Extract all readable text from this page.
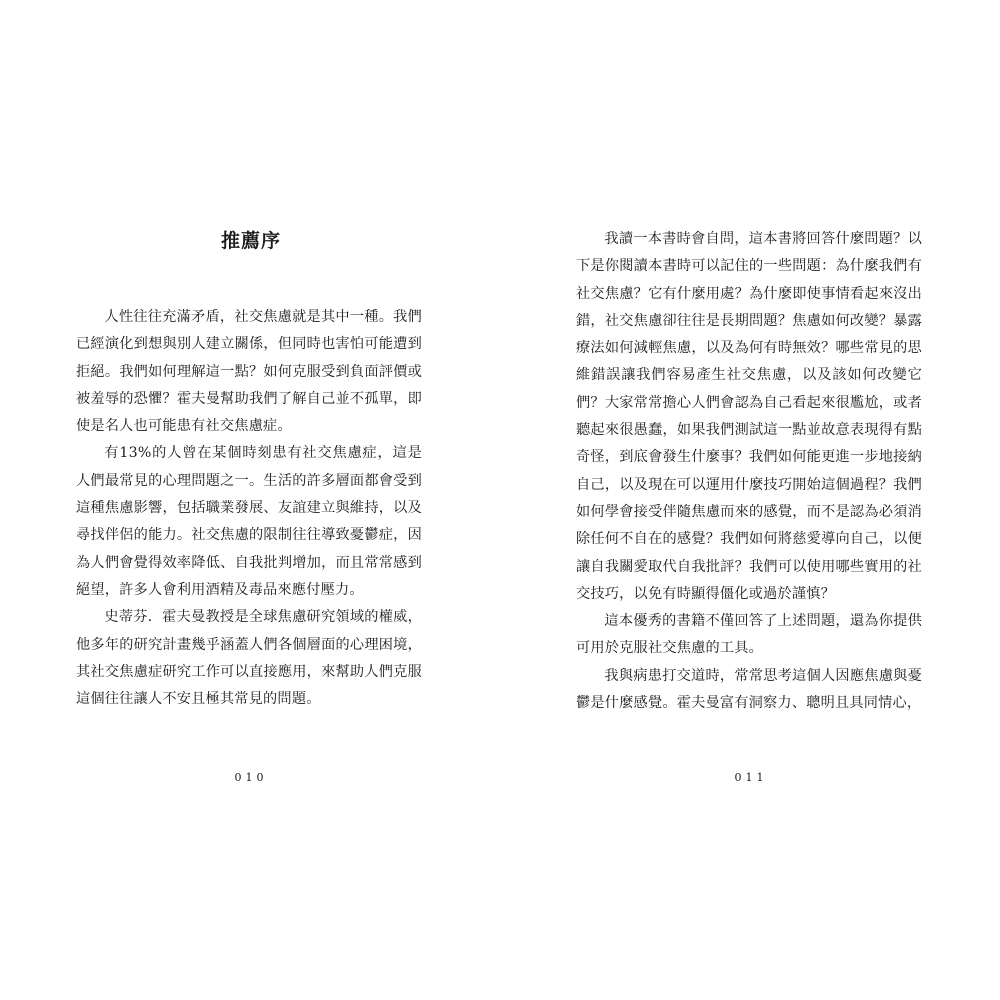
推薦序

人性往往充滿矛盾，社交焦慮就是其中一種。我們已經演化到想與別人建立關係，但同時也害怕可能遭到拒絕。我們如何理解這一點？如何克服受到負面評價或被羞辱的恐懼？霍夫曼幫助我們了解自己並不孤單，即使是名人也可能患有社交焦慮症。

有13%的人曾在某個時刻患有社交焦慮症，這是人們最常見的心理問題之一。生活的許多層面都會受到這種焦慮影響，包括職業發展、友誼建立與維持，以及尋找伴侶的能力。社交焦慮的限制往往導致憂鬱症，因為人們會覺得效率降低、自我批判增加，而且常常感到絕望，許多人會利用酒精及毒品來應付壓力。

史蒂芬．霍夫曼教授是全球焦慮研究領域的權威，他多年的研究計畫幾乎涵蓋人們各個層面的心理困境，其社交焦慮症研究工作可以直接應用，來幫助人們克服這個往往讓人不安且極其常見的問題。

010

我讀一本書時會自問，這本書將回答什麼問題？以下是你閱讀本書時可以記住的一些問題：為什麼我們有社交焦慮？它有什麼用處？為什麼即使事情看起來沒出錯，社交焦慮卻往往是長期問題？焦慮如何改變？暴露療法如何減輕焦慮，以及為何有時無效？哪些常見的思維錯誤讓我們容易產生社交焦慮，以及該如何改變它們？大家常常擔心人們會認為自己看起來很尷尬，或者聽起來很愚蠢，如果我們測試這一點並故意表現得有點奇怪，到底會發生什麼事？我們如何能更進一步地接納自己，以及現在可以運用什麼技巧開始這個過程？我們如何學會接受伴隨焦慮而來的感覺，而不是認為必須消除任何不自在的感覺？我們如何將慈愛導向自己，以便讓自我關愛取代自我批評？我們可以使用哪些實用的社交技巧，以免有時顯得僵化或過於謹慎？

這本優秀的書籍不僅回答了上述問題，還為你提供可用於克服社交焦慮的工具。

我與病患打交道時，常常思考這個人因應焦慮與憂鬱是什麼感覺。霍夫曼富有洞察力、聰明且具同情心，

011
